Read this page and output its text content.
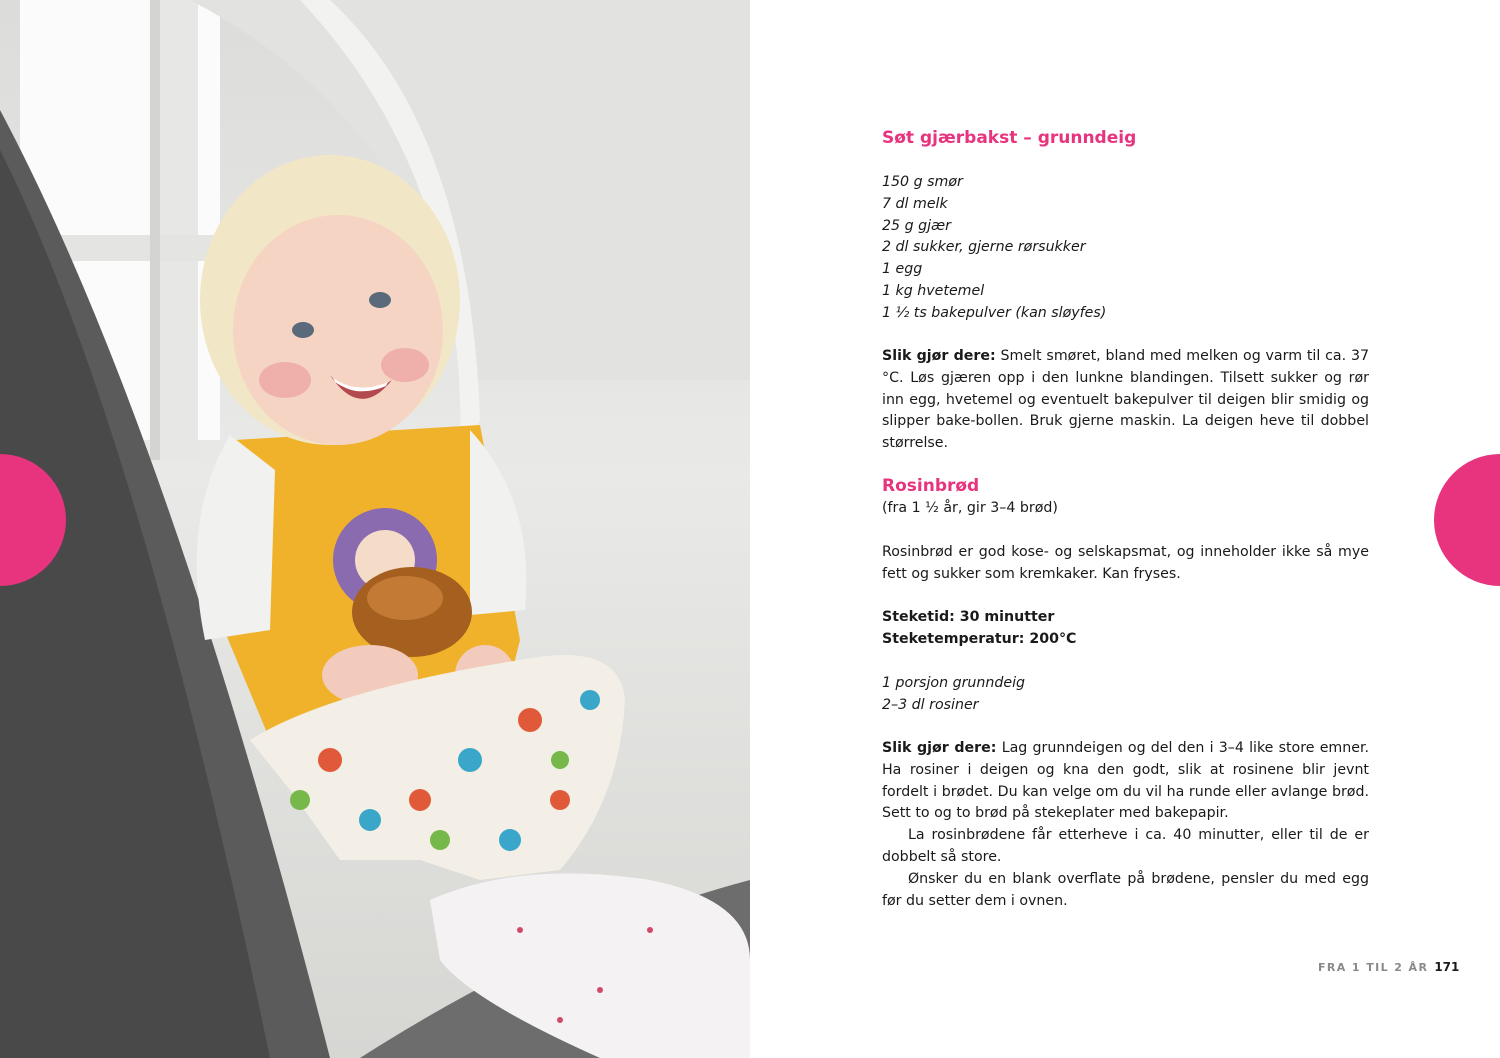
Søt gjærbakst – grunndeig
150 g smør
7 dl melk
25 g gjær
2 dl sukker, gjerne rørsukker
1 egg
1 kg hvetemel
1 ½ ts bakepulver (kan sløyfes)

Slik gjør dere: Smelt smøret, bland med melken og varm til ca. 37 °C. Løs gjæren opp i den lunkne blandingen. Tilsett sukker og rør inn egg, hvetemel og eventuelt bakepulver til deigen blir smidig og slipper bake-bollen. Bruk gjerne maskin. La deigen heve til dobbel størrelse.

Rosinbrød
(fra 1 ½ år, gir 3–4 brød)

Rosinbrød er god kose- og selskapsmat, og inneholder ikke så mye fett og sukker som kremkaker. Kan fryses.

Steketid: 30 minutter
Steketemperatur: 200°C
1 porsjon grunndeig
2–3 dl rosiner

Slik gjør dere: Lag grunndeigen og del den i 3–4 like store emner. Ha rosiner i deigen og kna den godt, slik at rosinene blir jevnt fordelt i brødet. Du kan velge om du vil ha runde eller avlange brød. Sett to og to brød på stekeplater med bakepapir.

La rosinbrødene får etterheve i ca. 40 minutter, eller til de er dobbelt så store.

Ønsker du en blank overflate på brødene, pensler du med egg før du setter dem i ovnen.

FRA 1 TIL 2 ÅR 171
